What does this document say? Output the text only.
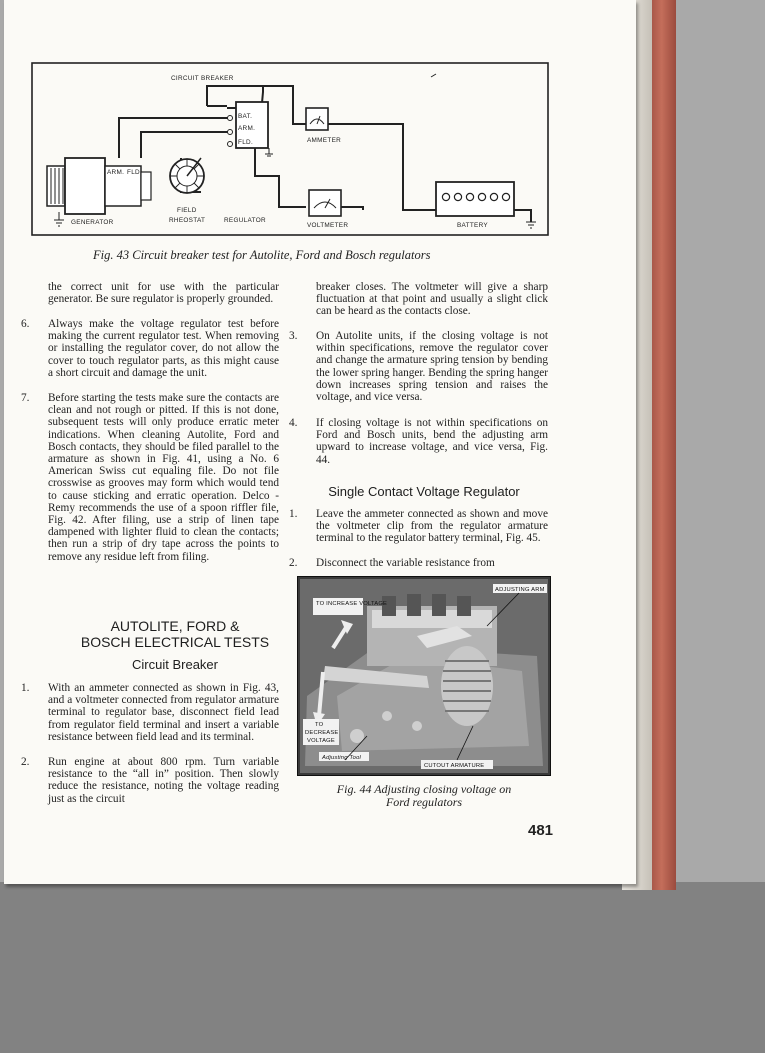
CIRCUIT BREAKER
BAT.
ARM.
FLD.	AMMETER
VOLTMETER	BATTERY
FIELD
RHEOSTAT	REGULATOR
ARM. FLD.
GENERATOR
Fig. 43 Circuit breaker test for Autolite, Ford and Bosch regulators
the correct unit for use with the particular generator. Be sure regulator is properly grounded.
6. Always make the voltage regulator test before making the current regulator test. When removing or installing the regulator cover, do not allow the cover to touch regulator parts, as this might cause a short circuit and damage the unit.
7. Before starting the tests make sure the contacts are clean and not rough or pitted. If this is not done, subsequent tests will only produce erratic meter indications. When cleaning Autolite, Ford and Bosch contacts, they should be filed parallel to the armature as shown in Fig. 41, using a No. 6 American Swiss cut equaling file. Do not file crosswise as grooves may form which would tend to cause sticking and erratic operation. Delco - Remy recommends the use of a spoon riffler file, Fig. 42. After filing, use a strip of linen tape dampened with lighter fluid to clean the contacts; then run a strip of dry tape across the points to remove any residue left from filing.
AUTOLITE, FORD &
BOSCH ELECTRICAL TESTS
Circuit Breaker
1. With an ammeter connected as shown in Fig. 43, and a voltmeter connected from regulator armature terminal to regulator base, disconnect field lead from regulator field terminal and insert a variable resistance between field lead and its terminal.
2. Run engine at about 800 rpm. Turn variable resistance to the “all in” position. Then slowly reduce the resistance, noting the voltage reading just as the circuit
breaker closes. The voltmeter will give a sharp fluctuation at that point and usually a slight click can be heard as the contacts close.
3. On Autolite units, if the closing voltage is not within specifications, remove the regulator cover and change the armature spring tension by bending the lower spring hanger. Bending the spring hanger down increases spring tension and raises the voltage, and vice versa.
4. If closing voltage is not within specifications on Ford and Bosch units, bend the adjusting arm upward to increase voltage, and vice versa, Fig. 44.
Single Contact Voltage Regulator
1. Leave the ammeter connected as shown and move the voltmeter clip from the regulator armature terminal to the regulator battery terminal, Fig. 45.
2. Disconnect the variable resistance from
TO INCREASE VOLTAGE
ADJUSTING ARM
TO
DECREASE
VOLTAGE
Adjusting Tool
CUTOUT ARMATURE
Fig. 44 Adjusting closing voltage on
Ford regulators
481
